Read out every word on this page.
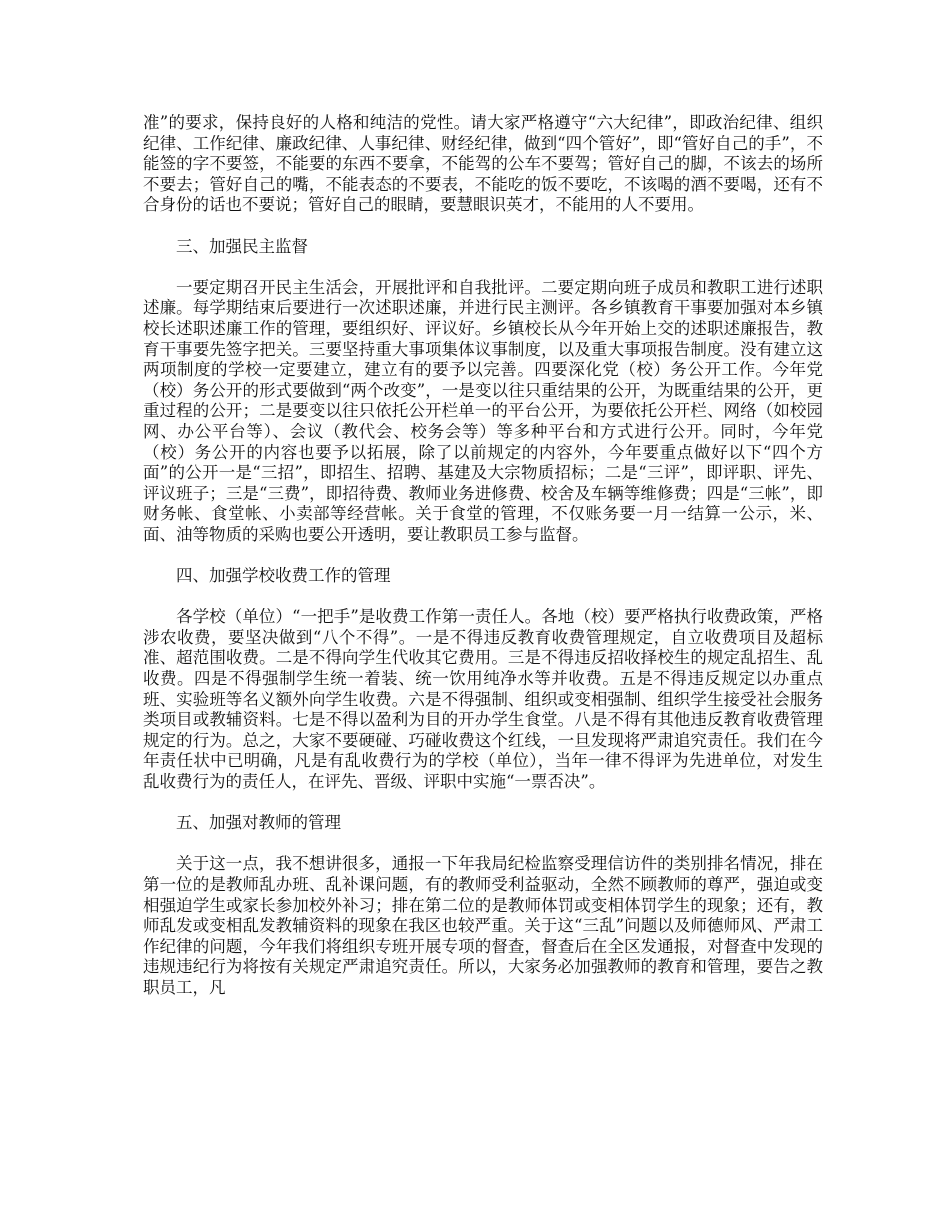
准”的要求，保持良好的人格和纯洁的党性。请大家严格遵守“六大纪律”，即政治纪律、组织纪律、工作纪律、廉政纪律、人事纪律、财经纪律，做到“四个管好”，即“管好自己的手”，不能签的字不要签，不能要的东西不要拿，不能驾的公车不要驾；管好自己的脚，不该去的场所不要去；管好自己的嘴，不能表态的不要表，不能吃的饭不要吃，不该喝的酒不要喝，还有不合身份的话也不要说；管好自己的眼睛，要慧眼识英才，不能用的人不要用。

三、加强民主监督

一要定期召开民主生活会，开展批评和自我批评。二要定期向班子成员和教职工进行述职述廉。每学期结束后要进行一次述职述廉，并进行民主测评。各乡镇教育干事要加强对本乡镇校长述职述廉工作的管理，要组织好、评议好。乡镇校长从今年开始上交的述职述廉报告，教育干事要先签字把关。三要坚持重大事项集体议事制度，以及重大事项报告制度。没有建立这两项制度的学校一定要建立，建立有的要予以完善。四要深化党（校）务公开工作。今年党（校）务公开的形式要做到“两个改变”，一是变以往只重结果的公开，为既重结果的公开，更重过程的公开；二是要变以往只依托公开栏单一的平台公开，为要依托公开栏、网络（如校园网、办公平台等）、会议（教代会、校务会等）等多种平台和方式进行公开。同时，今年党（校）务公开的内容也要予以拓展，除了以前规定的内容外，今年要重点做好以下“四个方面”的公开一是“三招”，即招生、招聘、基建及大宗物质招标；二是“三评”，即评职、评先、评议班子；三是“三费”，即招待费、教师业务进修费、校舍及车辆等维修费；四是“三帐”，即财务帐、食堂帐、小卖部等经营帐。关于食堂的管理，不仅账务要一月一结算一公示，米、面、油等物质的采购也要公开透明，要让教职员工参与监督。

四、加强学校收费工作的管理

各学校（单位）“一把手”是收费工作第一责任人。各地（校）要严格执行收费政策，严格涉农收费，要坚决做到“八个不得”。一是不得违反教育收费管理规定，自立收费项目及超标准、超范围收费。二是不得向学生代收其它费用。三是不得违反招收择校生的规定乱招生、乱收费。四是不得强制学生统一着装、统一饮用纯净水等并收费。五是不得违反规定以办重点班、实验班等名义额外向学生收费。六是不得强制、组织或变相强制、组织学生接受社会服务类项目或教辅资料。七是不得以盈利为目的开办学生食堂。八是不得有其他违反教育收费管理规定的行为。总之，大家不要硬碰、巧碰收费这个红线，一旦发现将严肃追究责任。我们在今年责任状中已明确，凡是有乱收费行为的学校（单位），当年一律不得评为先进单位，对发生乱收费行为的责任人，在评先、晋级、评职中实施“一票否决”。

五、加强对教师的管理

关于这一点，我不想讲很多，通报一下年我局纪检监察受理信访件的类别排名情况，排在第一位的是教师乱办班、乱补课问题，有的教师受利益驱动，全然不顾教师的尊严，强迫或变相强迫学生或家长参加校外补习；排在第二位的是教师体罚或变相体罚学生的现象；还有，教师乱发或变相乱发教辅资料的现象在我区也较严重。关于这“三乱”问题以及师德师风、严肃工作纪律的问题，今年我们将组织专班开展专项的督查，督查后在全区发通报，对督查中发现的违规违纪行为将按有关规定严肃追究责任。所以，大家务必加强教师的教育和管理，要告之教职员工，凡
